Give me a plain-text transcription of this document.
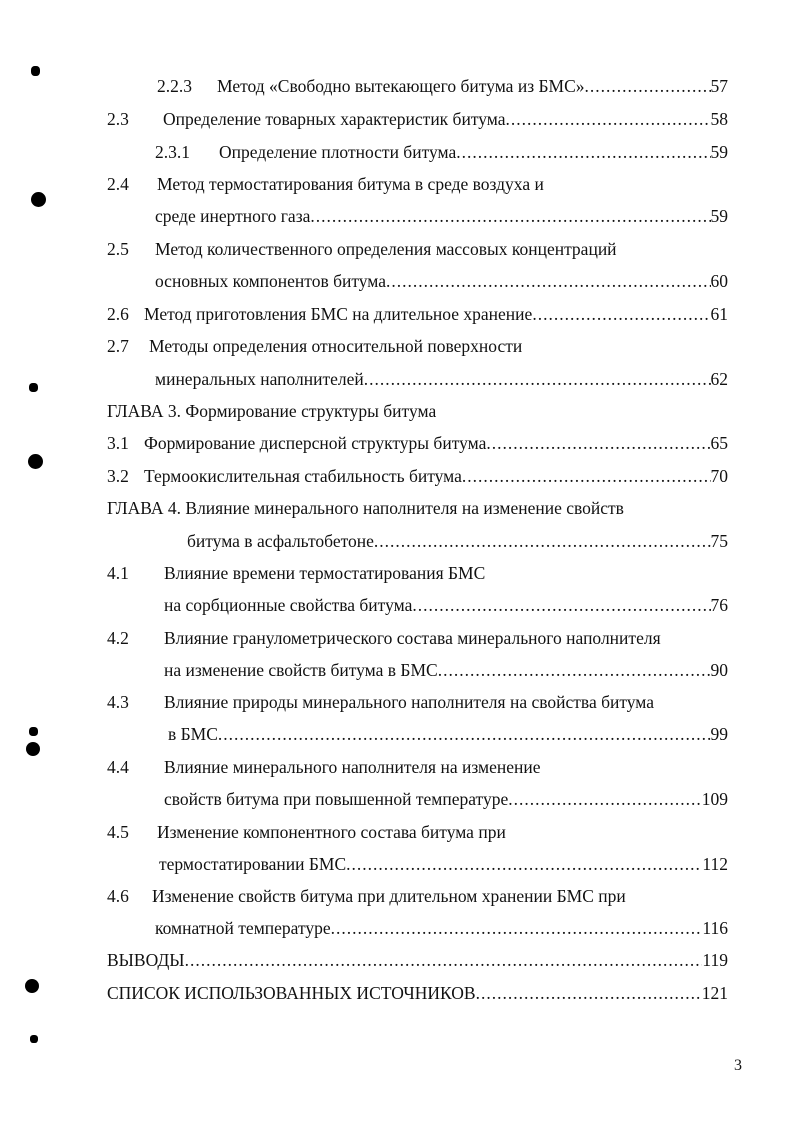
2.2.3	Метод «Свободно вытекающего битума из БМС» .....	57
2.3	Определение товарных характеристик битума .....	58
2.3.1	Определение плотности битума .....	59
2.4 Метод термостатирования битума в среде воздуха и
среде инертного газа .....	59
2.5 Метод количественного определения массовых концентраций
основных компонентов битума .....	60
2.6 Метод приготовления БМС на длительное хранение .....	61
2.7 Методы определения относительной поверхности
минеральных наполнителей .....	62
ГЛАВА 3. Формирование структуры битума
3.1 Формирование дисперсной структуры битума .....	65
3.2 Термоокислительная стабильность битума .....	70
ГЛАВА 4. Влияние минерального наполнителя на изменение свойств
битума в асфальтобетоне .....	75
4.1 Влияние времени термостатирования БМС
на сорбционные свойства битума .....	76
4.2 Влияние гранулометрического состава минерального наполнителя
на изменение свойств битума в БМС .....	90
4.3 Влияние природы минерального наполнителя на свойства битума
в БМС .....	99
4.4 Влияние минерального наполнителя на изменение
свойств битума при повышенной температуре .....	109
4.5 Изменение компонентного состава битума при
термостатировании БМС .....	112
4.6 Изменение свойств битума при длительном хранении БМС при
комнатной температуре .....	116
ВЫВОДЫ .....	119
СПИСОК ИСПОЛЬЗОВАННЫХ ИСТОЧНИКОВ .....	121
3
